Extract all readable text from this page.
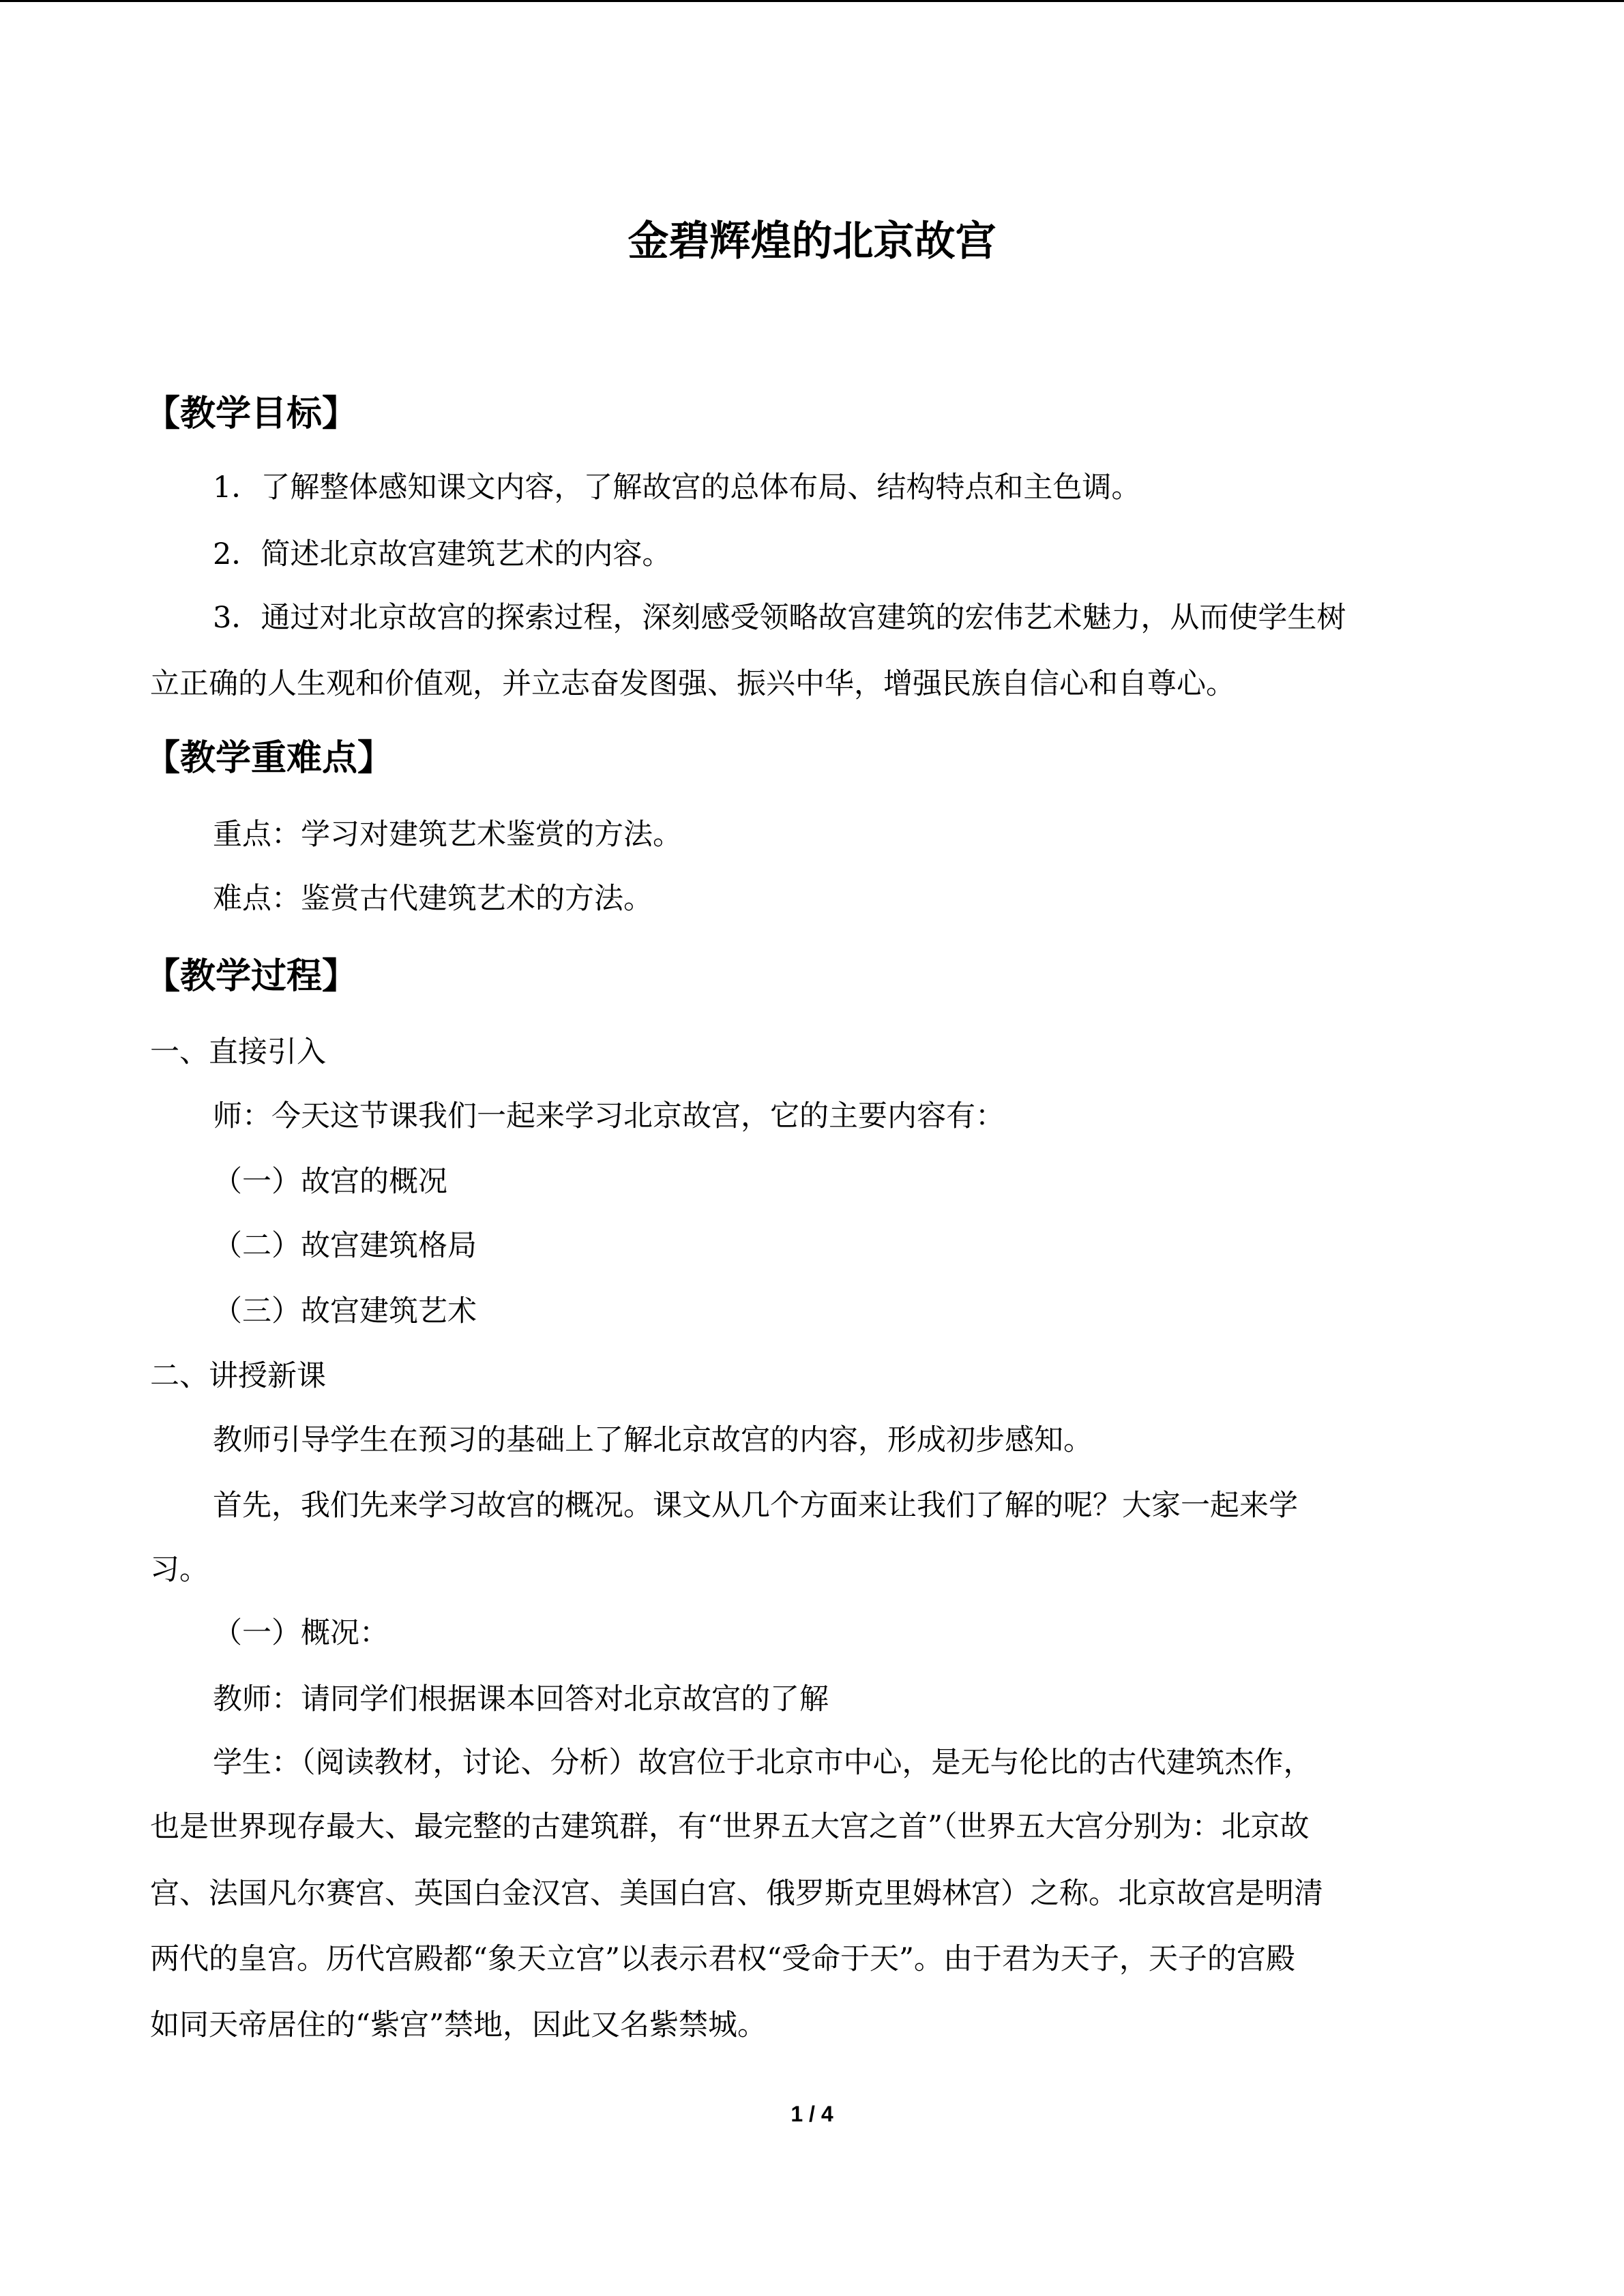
金碧辉煌的北京故宫
【教学目标】

1．了解整体感知课文内容，了解故宫的总体布局、结构特点和主色调。

2．简述北京故宫建筑艺术的内容。

3．通过对北京故宫的探索过程，深刻感受领略故宫建筑的宏伟艺术魅力，从而使学生树

立正确的人生观和价值观，并立志奋发图强、振兴中华，增强民族自信心和自尊心。

【教学重难点】

重点：学习对建筑艺术鉴赏的方法。

难点：鉴赏古代建筑艺术的方法。

【教学过程】

一、直接引入

师：今天这节课我们一起来学习北京故宫，它的主要内容有：

（一）故宫的概况

（二）故宫建筑格局

（三）故宫建筑艺术

二、讲授新课

教师引导学生在预习的基础上了解北京故宫的内容，形成初步感知。

首先，我们先来学习故宫的概况。课文从几个方面来让我们了解的呢？大家一起来学

习。

（一）概况：

教师：请同学们根据课本回答对北京故宫的了解

学生：（阅读教材，讨论、分析）故宫位于北京市中心，是无与伦比的古代建筑杰作，

也是世界现存最大、最完整的古建筑群，有“世界五大宫之首”（世界五大宫分别为：北京故

宫、法国凡尔赛宫、英国白金汉宫、美国白宫、俄罗斯克里姆林宫）之称。北京故宫是明清

两代的皇宫。历代宫殿都“象天立宫”以表示君权“受命于天”。由于君为天子，天子的宫殿

如同天帝居住的“紫宫”禁地，因此又名紫禁城。

1 / 4
